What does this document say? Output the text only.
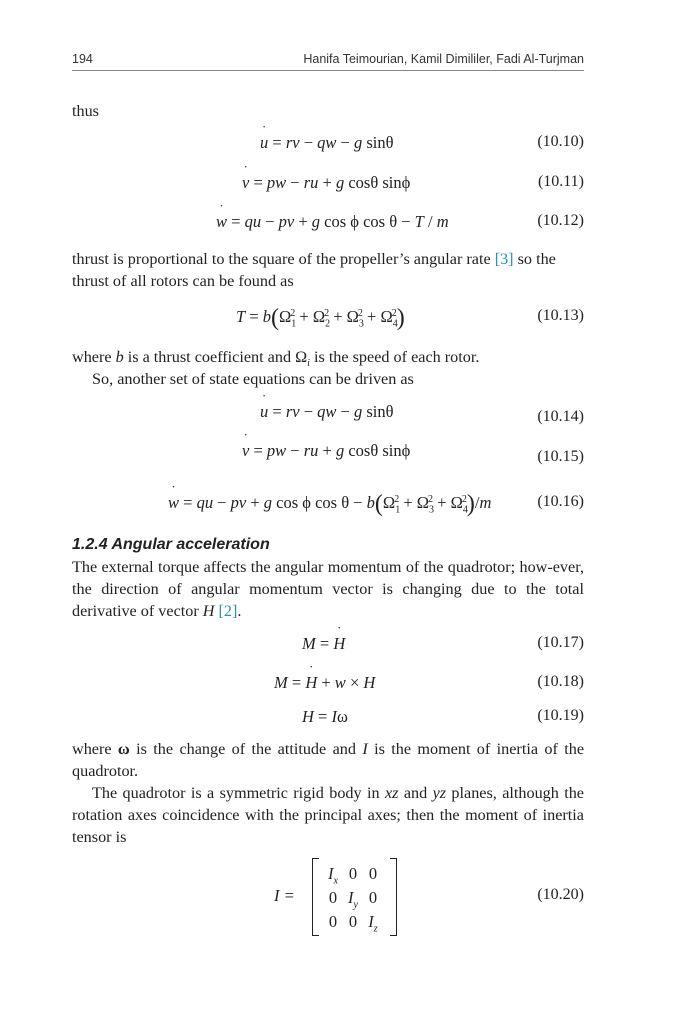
194	Hanifa Teimourian, Kamil Dimililer, Fadi Al-Turjman

thus

u ˙ = rv − qw − g sinθ	(10.10)
v ˙ = pw − ru + g cosθ sinϕ	(10.11)
w ˙ = qu − pv + g cos ϕ cos θ − T / m	(10.12)

thrust is proportional to the square of the propeller’s angular rate [3] so the
thrust of all rotors can be found as

$T = b(\Omega_1^2 + \Omega_2^2 + \Omega_3^2 + \Omega_4^2)$	(10.13)

where b is a thrust coefficient and $\Omega_i$ is the speed of each rotor.

So, another set of state equations can be driven as

u ˙ = rv − qw − g sinθ	(10.14)
v ˙ = pw − ru + g cosθ sinϕ	(10.15)
w ˙ = qu − pv + g cos ϕ $\cos \theta - b(\Omega_1^2 + \Omega_3^2 + \Omega_4^2)/m$	(10.16)
1.2.4 Angular acceleration

The external torque affects the angular momentum of the quadrotor; how-ever, the direction of angular momentum vector is changing due to the total derivative of vector H [2].

M = H ˙	(10.17)
M = H ˙ + w × H	(10.18)
H = Iω	(10.19)

where ω is the change of the attitude and I is the moment of inertia of the quadrotor.

The quadrotor is a symmetric rigid body in xz and yz planes, although the rotation axes coincidence with the principal axes; then the moment of inertia tensor is

I =
$I_x$ 0 0
0 $I_y$ 0
0 0 $I_z$
(10.20)
